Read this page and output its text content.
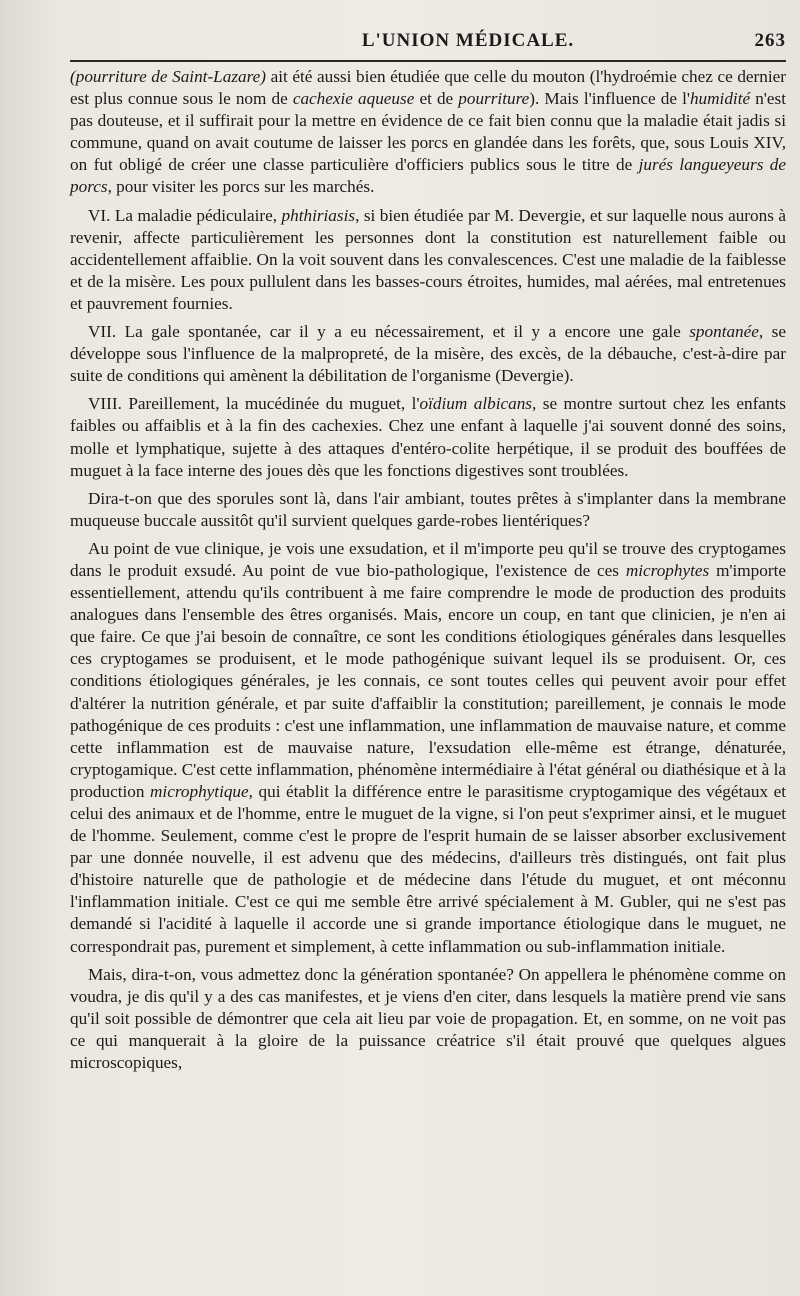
L'UNION MÉDICALE.	263

(pourriture de Saint-Lazare) ait été aussi bien étudiée que celle du mouton (l'hydroémie chez ce dernier est plus connue sous le nom de cachexie aqueuse et de pourriture). Mais l'influence de l'humidité n'est pas douteuse, et il suffirait pour la mettre en évidence de ce fait bien connu que la maladie était jadis si commune, quand on avait coutume de laisser les porcs en glandée dans les forêts, que, sous Louis XIV, on fut obligé de créer une classe particulière d'officiers publics sous le titre de jurés langueyeurs de porcs, pour visiter les porcs sur les marchés.

VI. La maladie pédiculaire, phthiriasis, si bien étudiée par M. Devergie, et sur laquelle nous aurons à revenir, affecte particulièrement les personnes dont la constitution est naturellement faible ou accidentellement affaiblie. On la voit souvent dans les convalescences. C'est une maladie de la faiblesse et de la misère. Les poux pullulent dans les basses-cours étroites, humides, mal aérées, mal entretenues et pauvrement fournies.

VII. La gale spontanée, car il y a eu nécessairement, et il y a encore une gale spontanée, se développe sous l'influence de la malpropreté, de la misère, des excès, de la débauche, c'est-à-dire par suite de conditions qui amènent la débilitation de l'organisme (Devergie).

VIII. Pareillement, la mucédinée du muguet, l'oïdium albicans, se montre surtout chez les enfants faibles ou affaiblis et à la fin des cachexies. Chez une enfant à laquelle j'ai souvent donné des soins, molle et lymphatique, sujette à des attaques d'entéro-colite herpétique, il se produit des bouffées de muguet à la face interne des joues dès que les fonctions digestives sont troublées.

Dira-t-on que des sporules sont là, dans l'air ambiant, toutes prêtes à s'implanter dans la membrane muqueuse buccale aussitôt qu'il survient quelques garde-robes lientériques?

Au point de vue clinique, je vois une exsudation, et il m'importe peu qu'il se trouve des cryptogames dans le produit exsudé. Au point de vue bio-pathologique, l'existence de ces microphytes m'importe essentiellement, attendu qu'ils contribuent à me faire comprendre le mode de production des produits analogues dans l'ensemble des êtres organisés. Mais, encore un coup, en tant que clinicien, je n'en ai que faire. Ce que j'ai besoin de connaître, ce sont les conditions étiologiques générales dans lesquelles ces cryptogames se produisent, et le mode pathogénique suivant lequel ils se produisent. Or, ces conditions étiologiques générales, je les connais, ce sont toutes celles qui peuvent avoir pour effet d'altérer la nutrition générale, et par suite d'affaiblir la constitution; pareillement, je connais le mode pathogénique de ces produits : c'est une inflammation, une inflammation de mauvaise nature, et comme cette inflammation est de mauvaise nature, l'exsudation elle-même est étrange, dénaturée, cryptogamique. C'est cette inflammation, phénomène intermédiaire à l'état général ou diathésique et à la production microphytique, qui établit la différence entre le parasitisme cryptogamique des végétaux et celui des animaux et de l'homme, entre le muguet de la vigne, si l'on peut s'exprimer ainsi, et le muguet de l'homme. Seulement, comme c'est le propre de l'esprit humain de se laisser absorber exclusivement par une donnée nouvelle, il est advenu que des médecins, d'ailleurs très distingués, ont fait plus d'histoire naturelle que de pathologie et de médecine dans l'étude du muguet, et ont méconnu l'inflammation initiale. C'est ce qui me semble être arrivé spécialement à M. Gubler, qui ne s'est pas demandé si l'acidité à laquelle il accorde une si grande importance étiologique dans le muguet, ne correspondrait pas, purement et simplement, à cette inflammation ou sub-inflammation initiale.

Mais, dira-t-on, vous admettez donc la génération spontanée? On appellera le phénomène comme on voudra, je dis qu'il y a des cas manifestes, et je viens d'en citer, dans lesquels la matière prend vie sans qu'il soit possible de démontrer que cela ait lieu par voie de propagation. Et, en somme, on ne voit pas ce qui manquerait à la gloire de la puissance créatrice s'il était prouvé que quelques algues microscopiques,
